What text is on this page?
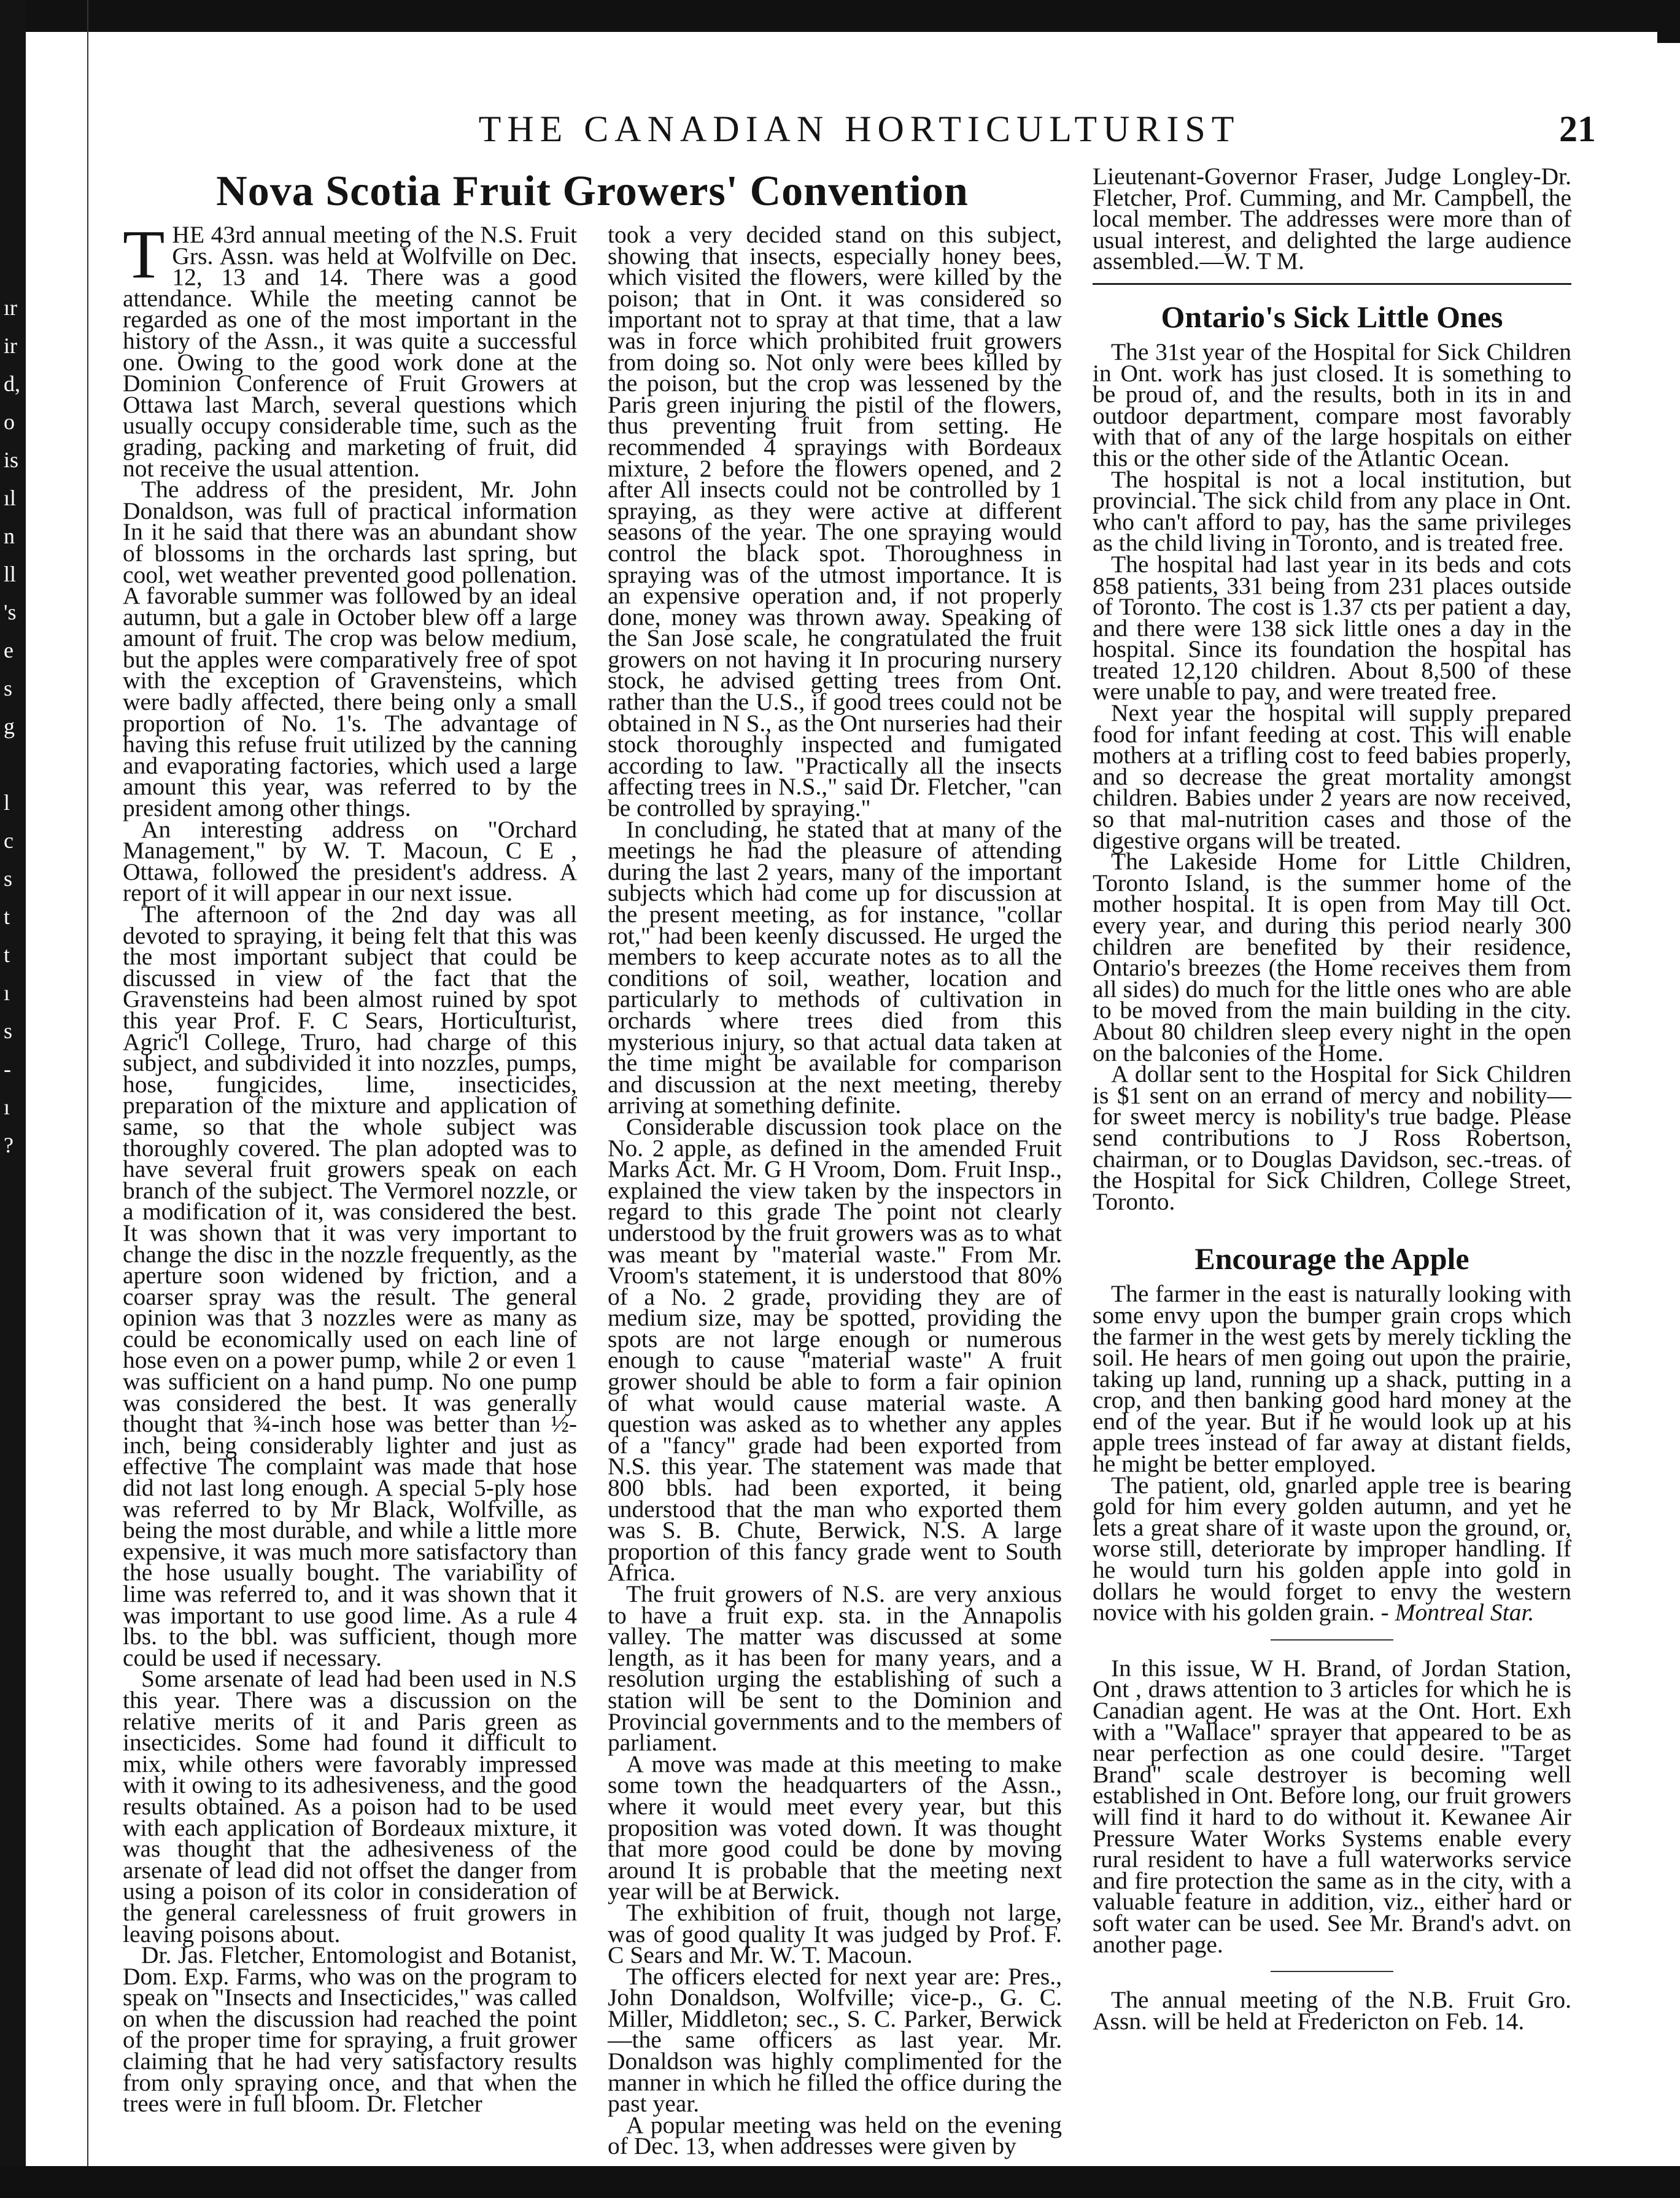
ır
ir
d,
o
is
ıl
n
ll
's
e
s
g
l
c
s
t
t
ı
s
-
ı
?
THE CANADIAN HORTICULTURIST	21
Nova Scotia Fruit Growers' Convention

THE 43rd annual meeting of the N.S. Fruit Grs. Assn. was held at Wolfville on Dec. 12, 13 and 14. There was a good attendance. While the meeting cannot be regarded as one of the most important in the history of the Assn., it was quite a successful one. Owing to the good work done at the Dominion Conference of Fruit Growers at Ottawa last March, several questions which usually occupy considerable time, such as the grading, packing and marketing of fruit, did not receive the usual attention.

The address of the president, Mr. John Donaldson, was full of practical information In it he said that there was an abundant show of blossoms in the orchards last spring, but cool, wet weather prevented good pollenation. A favorable summer was followed by an ideal autumn, but a gale in October blew off a large amount of fruit. The crop was below medium, but the apples were comparatively free of spot with the exception of Gravensteins, which were badly affected, there being only a small proportion of No. 1's. The advantage of having this refuse fruit utilized by the canning and evaporating factories, which used a large amount this year, was referred to by the president among other things.

An interesting address on "Orchard Management," by W. T. Macoun, C E , Ottawa, followed the president's address. A report of it will appear in our next issue.

The afternoon of the 2nd day was all devoted to spraying, it being felt that this was the most important subject that could be discussed in view of the fact that the Gravensteins had been almost ruined by spot this year Prof. F. C Sears, Horticulturist, Agric'l College, Truro, had charge of this subject, and subdivided it into nozzles, pumps, hose, fungicides, lime, insecticides, preparation of the mixture and application of same, so that the whole subject was thoroughly covered. The plan adopted was to have several fruit growers speak on each branch of the subject. The Vermorel nozzle, or a modification of it, was considered the best. It was shown that it was very important to change the disc in the nozzle frequently, as the aperture soon widened by friction, and a coarser spray was the result. The general opinion was that 3 nozzles were as many as could be economically used on each line of hose even on a power pump, while 2 or even 1 was sufficient on a hand pump. No one pump was considered the best. It was generally thought that ¾-inch hose was better than ½-inch, being considerably lighter and just as effective The complaint was made that hose did not last long enough. A special 5-ply hose was referred to by Mr Black, Wolfville, as being the most durable, and while a little more expensive, it was much more satisfactory than the hose usually bought. The variability of lime was referred to, and it was shown that it was important to use good lime. As a rule 4 lbs. to the bbl. was sufficient, though more could be used if necessary.

Some arsenate of lead had been used in N.S this year. There was a discussion on the relative merits of it and Paris green as insecticides. Some had found it difficult to mix, while others were favorably impressed with it owing to its adhesiveness, and the good results obtained. As a poison had to be used with each application of Bordeaux mixture, it was thought that the adhesiveness of the arsenate of lead did not offset the danger from using a poison of its color in consideration of the general carelessness of fruit growers in leaving poisons about.

Dr. Jas. Fletcher, Entomologist and Botanist, Dom. Exp. Farms, who was on the program to speak on "Insects and Insecticides," was called on when the discussion had reached the point of the proper time for spraying, a fruit grower claiming that he had very satisfactory results from only spraying once, and that when the trees were in full bloom. Dr. Fletcher

took a very decided stand on this subject, showing that insects, especially honey bees, which visited the flowers, were killed by the poison; that in Ont. it was considered so important not to spray at that time, that a law was in force which prohibited fruit growers from doing so. Not only were bees killed by the poison, but the crop was lessened by the Paris green injuring the pistil of the flowers, thus preventing fruit from setting. He recommended 4 sprayings with Bordeaux mixture, 2 before the flowers opened, and 2 after All insects could not be controlled by 1 spraying, as they were active at different seasons of the year. The one spraying would control the black spot. Thoroughness in spraying was of the utmost importance. It is an expensive operation and, if not properly done, money was thrown away. Speaking of the San Jose scale, he congratulated the fruit growers on not having it In procuring nursery stock, he advised getting trees from Ont. rather than the U.S., if good trees could not be obtained in N S., as the Ont nurseries had their stock thoroughly inspected and fumigated according to law. "Practically all the insects affecting trees in N.S.," said Dr. Fletcher, "can be controlled by spraying."

In concluding, he stated that at many of the meetings he had the pleasure of attending during the last 2 years, many of the important subjects which had come up for discussion at the present meeting, as for instance, "collar rot," had been keenly discussed. He urged the members to keep accurate notes as to all the conditions of soil, weather, location and particularly to methods of cultivation in orchards where trees died from this mysterious injury, so that actual data taken at the time might be available for comparison and discussion at the next meeting, thereby arriving at something definite.

Considerable discussion took place on the No. 2 apple, as defined in the amended Fruit Marks Act. Mr. G H Vroom, Dom. Fruit Insp., explained the view taken by the inspectors in regard to this grade The point not clearly understood by the fruit growers was as to what was meant by "material waste." From Mr. Vroom's statement, it is understood that 80% of a No. 2 grade, providing they are of medium size, may be spotted, providing the spots are not large enough or numerous enough to cause "material waste" A fruit grower should be able to form a fair opinion of what would cause material waste. A question was asked as to whether any apples of a "fancy" grade had been exported from N.S. this year. The statement was made that 800 bbls. had been exported, it being understood that the man who exported them was S. B. Chute, Berwick, N.S. A large proportion of this fancy grade went to South Africa.

The fruit growers of N.S. are very anxious to have a fruit exp. sta. in the Annapolis valley. The matter was discussed at some length, as it has been for many years, and a resolution urging the establishing of such a station will be sent to the Dominion and Provincial governments and to the members of parliament.

A move was made at this meeting to make some town the headquarters of the Assn., where it would meet every year, but this proposition was voted down. It was thought that more good could be done by moving around It is probable that the meeting next year will be at Berwick.

The exhibition of fruit, though not large, was of good quality It was judged by Prof. F. C Sears and Mr. W. T. Macoun.

The officers elected for next year are: Pres., John Donaldson, Wolfville; vice-p., G. C. Miller, Middleton; sec., S. C. Parker, Berwick—the same officers as last year. Mr. Donaldson was highly complimented for the manner in which he filled the office during the past year.

A popular meeting was held on the evening of Dec. 13, when addresses were given by

Lieutenant-Governor Fraser, Judge Longley-Dr. Fletcher, Prof. Cumming, and Mr. Campbell, the local member. The addresses were more than of usual interest, and delighted the large audience assembled.—W. T M.

Ontario's Sick Little Ones

The 31st year of the Hospital for Sick Children in Ont. work has just closed. It is something to be proud of, and the results, both in its in and outdoor department, compare most favorably with that of any of the large hospitals on either this or the other side of the Atlantic Ocean.

The hospital is not a local institution, but provincial. The sick child from any place in Ont. who can't afford to pay, has the same privileges as the child living in Toronto, and is treated free.

The hospital had last year in its beds and cots 858 patients, 331 being from 231 places outside of Toronto. The cost is 1.37 cts per patient a day, and there were 138 sick little ones a day in the hospital. Since its foundation the hospital has treated 12,120 children. About 8,500 of these were unable to pay, and were treated free.

Next year the hospital will supply prepared food for infant feeding at cost. This will enable mothers at a trifling cost to feed babies properly, and so decrease the great mortality amongst children. Babies under 2 years are now received, so that mal-nutrition cases and those of the digestive organs will be treated.

The Lakeside Home for Little Children, Toronto Island, is the summer home of the mother hospital. It is open from May till Oct. every year, and during this period nearly 300 children are benefited by their residence, Ontario's breezes (the Home receives them from all sides) do much for the little ones who are able to be moved from the main building in the city. About 80 children sleep every night in the open on the balconies of the Home.

A dollar sent to the Hospital for Sick Children is $1 sent on an errand of mercy and nobility—for sweet mercy is nobility's true badge. Please send contributions to J Ross Robertson, chairman, or to Douglas Davidson, sec.-treas. of the Hospital for Sick Children, College Street, Toronto.

Encourage the Apple

The farmer in the east is naturally looking with some envy upon the bumper grain crops which the farmer in the west gets by merely tickling the soil. He hears of men going out upon the prairie, taking up land, running up a shack, putting in a crop, and then banking good hard money at the end of the year. But if he would look up at his apple trees instead of far away at distant fields, he might be better employed.

The patient, old, gnarled apple tree is bearing gold for him every golden autumn, and yet he lets a great share of it waste upon the ground, or, worse still, deteriorate by improper handling. If he would turn his golden apple into gold in dollars he would forget to envy the western novice with his golden grain. - Montreal Star.

In this issue, W H. Brand, of Jordan Station, Ont , draws attention to 3 articles for which he is Canadian agent. He was at the Ont. Hort. Exh with a "Wallace" sprayer that appeared to be as near perfection as one could desire. "Target Brand" scale destroyer is becoming well established in Ont. Before long, our fruit growers will find it hard to do without it. Kewanee Air Pressure Water Works Systems enable every rural resident to have a full waterworks service and fire protection the same as in the city, with a valuable feature in addition, viz., either hard or soft water can be used. See Mr. Brand's advt. on another page.

The annual meeting of the N.B. Fruit Gro. Assn. will be held at Fredericton on Feb. 14.
